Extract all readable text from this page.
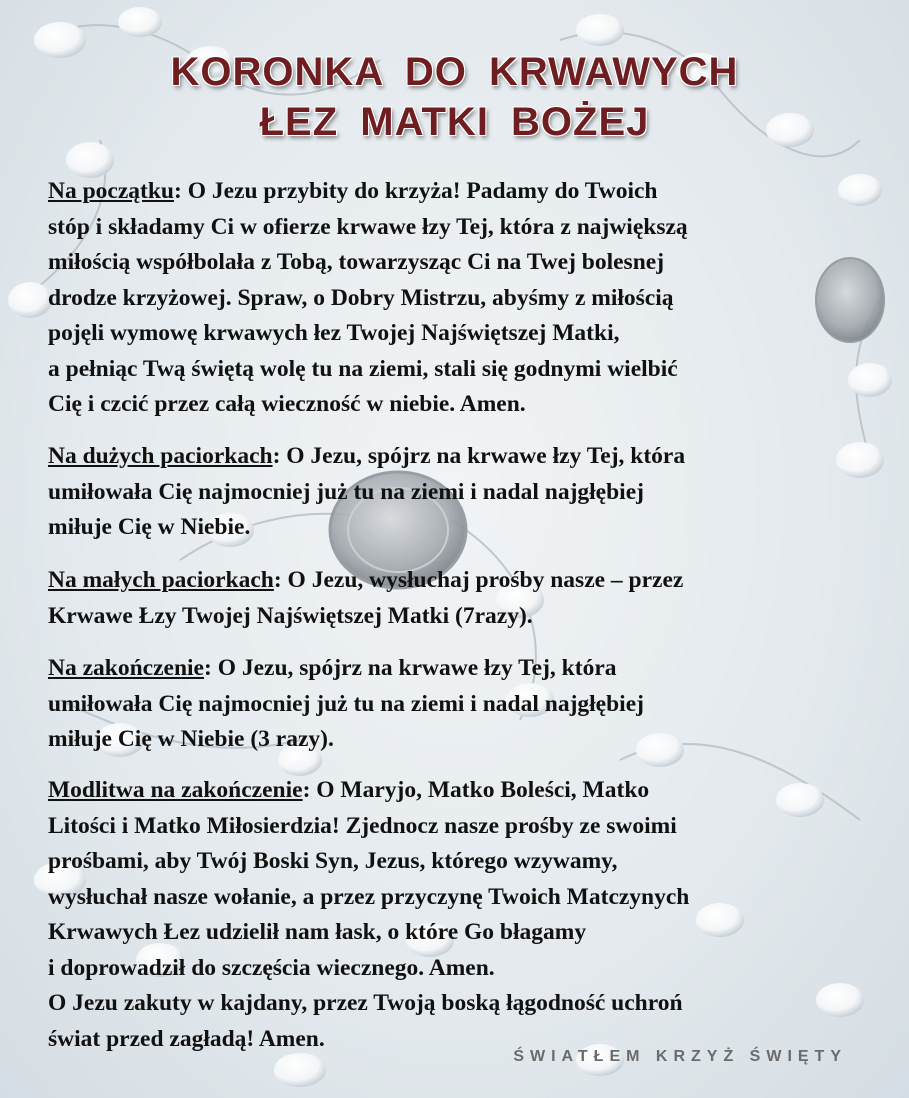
KORONKA DO KRWAWYCH
ŁEZ MATKI BOŻEJ
Na początku: O Jezu przybity do krzyża! Padamy do Twoich
stóp i składamy Ci w ofierze krwawe łzy Tej, która z największą
miłością współbolała z Tobą, towarzysząc Ci na Twej bolesnej
drodze krzyżowej. Spraw, o Dobry Mistrzu, abyśmy z miłością
pojęli wymowę krwawych łez Twojej Najświętszej Matki,
a pełniąc Twą świętą wolę tu na ziemi, stali się godnymi wielbić
Cię i czcić przez całą wieczność w niebie. Amen.
Na dużych paciorkach: O Jezu, spójrz na krwawe łzy Tej, która
umiłowała Cię najmocniej już tu na ziemi i nadal najgłębiej
miłuje Cię w Niebie.
Na małych paciorkach: O Jezu, wysłuchaj prośby nasze – przez
Krwawe Łzy Twojej Najświętszej Matki (7razy).
Na zakończenie: O Jezu, spójrz na krwawe łzy Tej, która
umiłowała Cię najmocniej już tu na ziemi i nadal najgłębiej
miłuje Cię w Niebie (3 razy).
Modlitwa na zakończenie: O Maryjo, Matko Boleści, Matko
Litości i Matko Miłosierdzia! Zjednocz nasze prośby ze swoimi
prośbami, aby Twój Boski Syn, Jezus, którego wzywamy,
wysłuchał nasze wołanie, a przez przyczynę Twoich Matczynych
Krwawych Łez udzielił nam łask, o które Go błagamy
i doprowadził do szczęścia wiecznego. Amen.
O Jezu zakuty w kajdany, przez Twoją boską łągodność uchroń
świat przed zagładą! Amen.
ŚWIATŁEM KRZYŻ ŚWIĘTY
